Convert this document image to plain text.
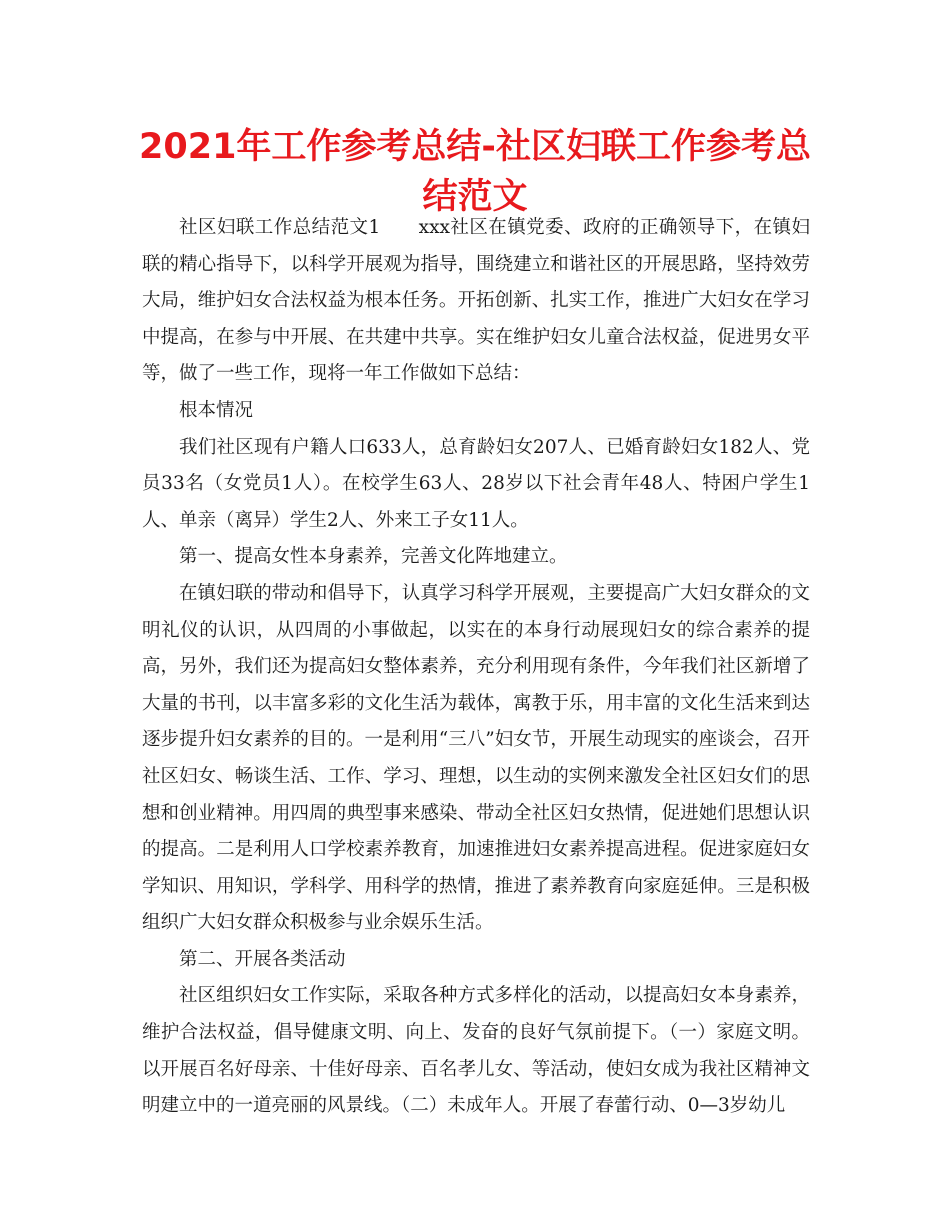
2021年工作参考总结-社区妇联工作参考总结范文

社区妇联工作总结范文1　　xxx社区在镇党委、政府的正确领导下，在镇妇联的精心指导下，以科学开展观为指导，围绕建立和谐社区的开展思路，坚持效劳大局，维护妇女合法权益为根本任务。开拓创新、扎实工作，推进广大妇女在学习中提高，在参与中开展、在共建中共享。实在维护妇女儿童合法权益，促进男女平等，做了一些工作，现将一年工作做如下总结：

根本情况

我们社区现有户籍人口633人，总育龄妇女207人、已婚育龄妇女182人、党员33名（女党员1人）。在校学生63人、28岁以下社会青年48人、特困户学生1人、单亲（离异）学生2人、外来工子女11人。

第一、提高女性本身素养，完善文化阵地建立。

在镇妇联的带动和倡导下，认真学习科学开展观，主要提高广大妇女群众的文明礼仪的认识，从四周的小事做起，以实在的本身行动展现妇女的综合素养的提高，另外，我们还为提高妇女整体素养，充分利用现有条件，今年我们社区新增了大量的书刊，以丰富多彩的文化生活为载体，寓教于乐，用丰富的文化生活来到达逐步提升妇女素养的目的。一是利用“三八”妇女节，开展生动现实的座谈会，召开社区妇女、畅谈生活、工作、学习、理想，以生动的实例来激发全社区妇女们的思想和创业精神。用四周的典型事来感染、带动全社区妇女热情，促进她们思想认识的提高。二是利用人口学校素养教育，加速推进妇女素养提高进程。促进家庭妇女学知识、用知识，学科学、用科学的热情，推进了素养教育向家庭延伸。三是积极组织广大妇女群众积极参与业余娱乐生活。

第二、开展各类活动

社区组织妇女工作实际，采取各种方式多样化的活动，以提高妇女本身素养，维护合法权益，倡导健康文明、向上、发奋的良好气氛前提下。（一）家庭文明。以开展百名好母亲、十佳好母亲、百名孝儿女、等活动，使妇女成为我社区精神文明建立中的一道亮丽的风景线。（二）未成年人。开展了春蕾行动、0—3岁幼儿
